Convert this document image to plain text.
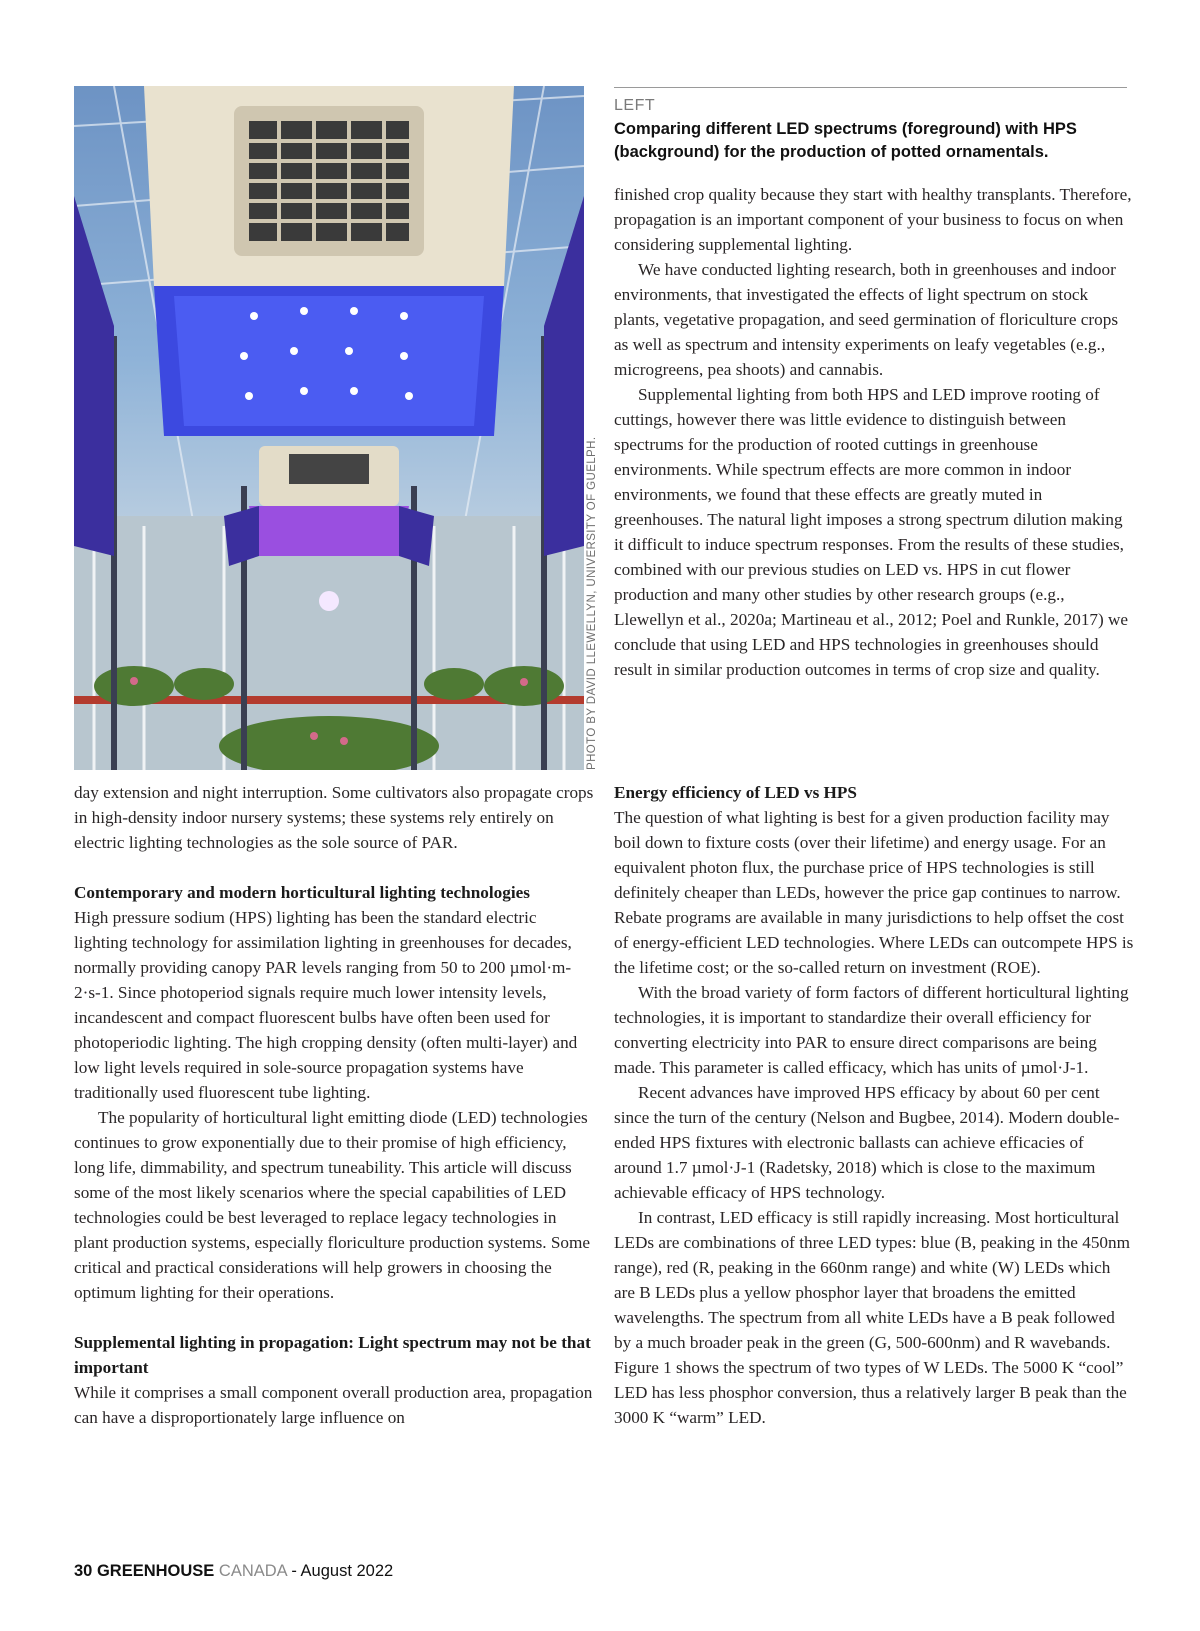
PHOTO BY DAVID LLEWELLYN, UNIVERSITY OF GUELPH.
LEFT
Comparing different LED spectrums (foreground) with HPS (background) for the production of potted ornamentals.

finished crop quality because they start with healthy transplants. Therefore, propagation is an important component of your business to focus on when considering supplemental lighting.

We have conducted lighting research, both in greenhouses and indoor environments, that investigated the effects of light spectrum on stock plants, vegetative propagation, and seed germination of floriculture crops as well as spectrum and intensity experiments on leafy vegetables (e.g., microgreens, pea shoots) and cannabis.

Supplemental lighting from both HPS and LED improve rooting of cuttings, however there was little evidence to distinguish between spectrums for the production of rooted cuttings in greenhouse environments. While spectrum effects are more common in indoor environments, we found that these effects are greatly muted in greenhouses. The natural light imposes a strong spectrum dilution making it difficult to induce spectrum responses. From the results of these studies, combined with our previous studies on LED vs. HPS in cut flower production and many other studies by other research groups (e.g., Llewellyn et al., 2020a; Martineau et al., 2012; Poel and Runkle, 2017) we conclude that using LED and HPS technologies in greenhouses should result in similar production outcomes in terms of crop size and quality.

day extension and night interruption. Some cultivators also propagate crops in high-density indoor nursery systems; these systems rely entirely on electric lighting technologies as the sole source of PAR.

Contemporary and modern horticultural lighting technologies

High pressure sodium (HPS) lighting has been the standard electric lighting technology for assimilation lighting in greenhouses for decades, normally providing canopy PAR levels ranging from 50 to 200 µmol·m-2·s-1. Since photoperiod signals require much lower intensity levels, incandescent and compact fluorescent bulbs have often been used for photoperiodic lighting. The high cropping density (often multi-layer) and low light levels required in sole-source propagation systems have traditionally used fluorescent tube lighting.

The popularity of horticultural light emitting diode (LED) technologies continues to grow exponentially due to their promise of high efficiency, long life, dimmability, and spectrum tuneability. This article will discuss some of the most likely scenarios where the special capabilities of LED technologies could be best leveraged to replace legacy technologies in plant production systems, especially floriculture production systems. Some critical and practical considerations will help growers in choosing the optimum lighting for their operations.

Supplemental lighting in propagation: Light spectrum may not be that important

While it comprises a small component overall production area, propagation can have a disproportionately large influence on

Energy efficiency of LED vs HPS

The question of what lighting is best for a given production facility may boil down to fixture costs (over their lifetime) and energy usage. For an equivalent photon flux, the purchase price of HPS technologies is still definitely cheaper than LEDs, however the price gap continues to narrow. Rebate programs are available in many jurisdictions to help offset the cost of energy-efficient LED technologies. Where LEDs can outcompete HPS is the lifetime cost; or the so-called return on investment (ROE).

With the broad variety of form factors of different horticultural lighting technologies, it is important to standardize their overall efficiency for converting electricity into PAR to ensure direct comparisons are being made. This parameter is called efficacy, which has units of µmol·J-1.

Recent advances have improved HPS efficacy by about 60 per cent since the turn of the century (Nelson and Bugbee, 2014). Modern double-ended HPS fixtures with electronic ballasts can achieve efficacies of around 1.7 µmol·J-1 (Radetsky, 2018) which is close to the maximum achievable efficacy of HPS technology.

In contrast, LED efficacy is still rapidly increasing. Most horticultural LEDs are combinations of three LED types: blue (B, peaking in the 450nm range), red (R, peaking in the 660nm range) and white (W) LEDs which are B LEDs plus a yellow phosphor layer that broadens the emitted wavelengths. The spectrum from all white LEDs have a B peak followed by a much broader peak in the green (G, 500-600nm) and R wavebands. Figure 1 shows the spectrum of two types of W LEDs. The 5000 K “cool” LED has less phosphor conversion, thus a relatively larger B peak than the 3000 K “warm” LED.

30 GREENHOUSE CANADA - August 2022
